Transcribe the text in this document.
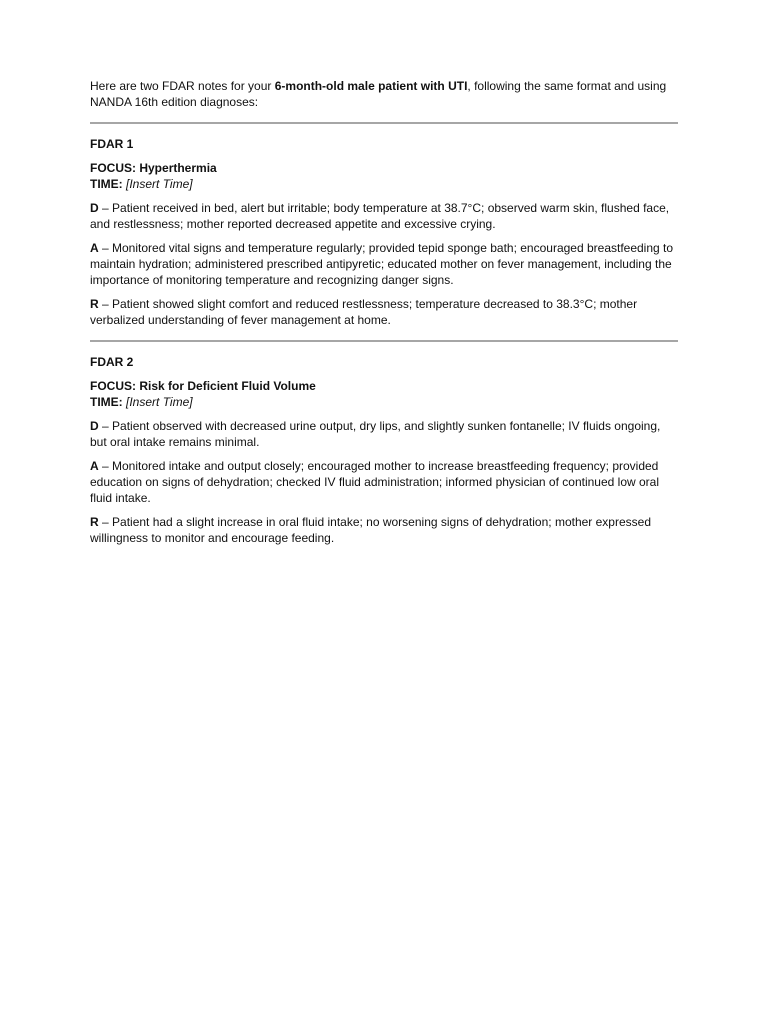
Here are two FDAR notes for your 6-month-old male patient with UTI, following the same format and using NANDA 16th edition diagnoses:

FDAR 1

FOCUS: Hyperthermia

TIME: [Insert Time]

D – Patient received in bed, alert but irritable; body temperature at 38.7°C; observed warm skin, flushed face, and restlessness; mother reported decreased appetite and excessive crying.

A – Monitored vital signs and temperature regularly; provided tepid sponge bath; encouraged breastfeeding to maintain hydration; administered prescribed antipyretic; educated mother on fever management, including the importance of monitoring temperature and recognizing danger signs.

R – Patient showed slight comfort and reduced restlessness; temperature decreased to 38.3°C; mother verbalized understanding of fever management at home.

FDAR 2

FOCUS: Risk for Deficient Fluid Volume

TIME: [Insert Time]

D – Patient observed with decreased urine output, dry lips, and slightly sunken fontanelle; IV fluids ongoing, but oral intake remains minimal.

A – Monitored intake and output closely; encouraged mother to increase breastfeeding frequency; provided education on signs of dehydration; checked IV fluid administration; informed physician of continued low oral fluid intake.

R – Patient had a slight increase in oral fluid intake; no worsening signs of dehydration; mother expressed willingness to monitor and encourage feeding.
